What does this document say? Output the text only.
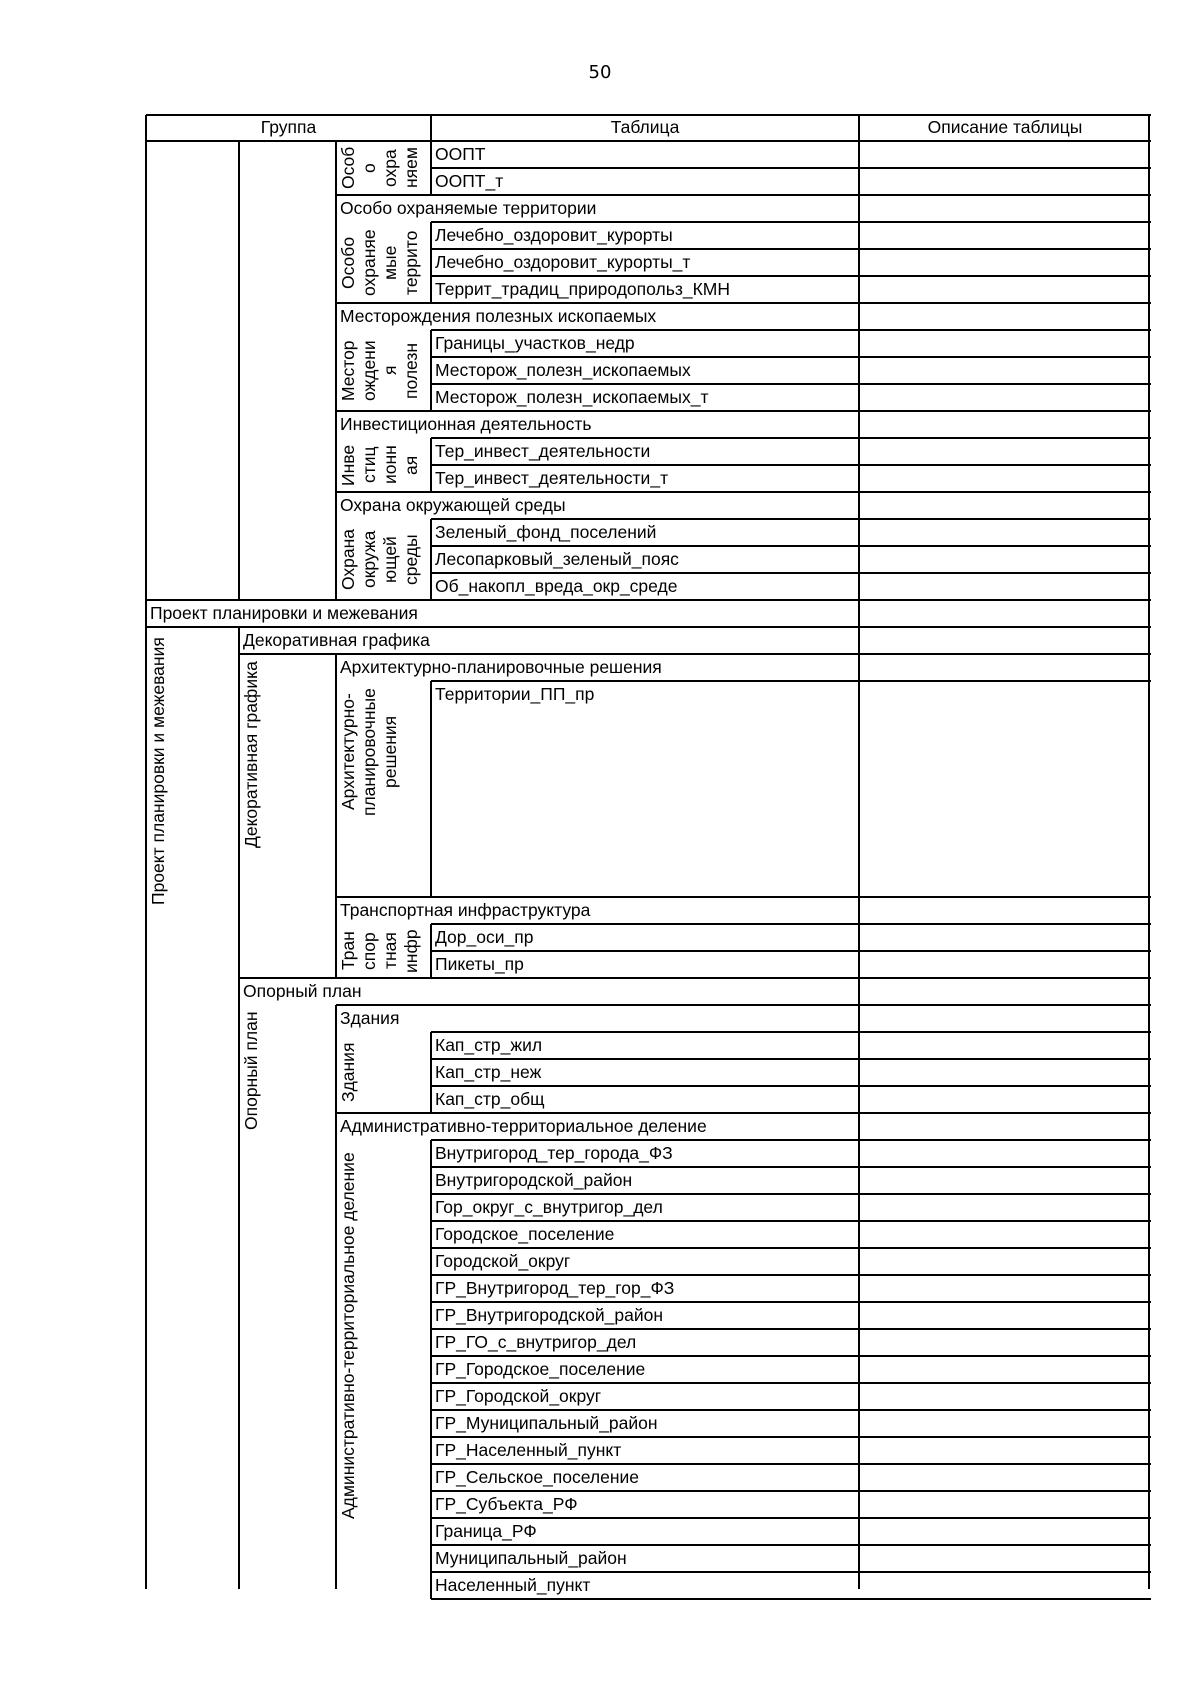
50
Группа	Таблица	Описание таблицы
ООПТ
ООПТ_т
Особ
о
охра
няем
Особо охраняемые территории
Лечебно_оздоровит_курорты
Лечебно_оздоровит_курорты_т
Террит_традиц_природопольз_КМН
Особо
охраняе
мые
террито
Месторождения полезных ископаемых
Границы_участков_недр
Месторож_полезн_ископаемых
Месторож_полезн_ископаемых_т
Местор
ождени
я
полезн
Инвестиционная деятельность
Тер_инвест_деятельности
Тер_инвест_деятельности_т
Инве
стиц
ионн
ая
Охрана окружающей среды
Зеленый_фонд_поселений
Лесопарковый_зеленый_пояс
Об_накопл_вреда_окр_среде
Охрана
окружа
ющей
среды
Проект планировки и межевания
Декоративная графика
Архитектурно-планировочные решения
Территории_ПП_пр
Архитектурно-
планировочные
решения
Транспортная инфраструктура
Дор_оси_пр
Пикеты_пр
Тран
спор
тная
инфр
Декоративная графика
Опорный план
Здания
Кап_стр_жил
Кап_стр_неж
Кап_стр_общ
Здания
Административно-территориальное деление
Внутригород_тер_города_ФЗ
Внутригородской_район
Гор_округ_с_внутригор_дел
Городское_поселение
Городской_округ
ГР_Внутригород_тер_гор_ФЗ
ГР_Внутригородской_район
ГР_ГО_с_внутригор_дел
ГР_Городское_поселение
ГР_Городской_округ
ГР_Муниципальный_район
ГР_Населенный_пункт
ГР_Сельское_поселение
ГР_Субъекта_РФ
Граница_РФ
Муниципальный_район
Населенный_пункт
Административно-территориальное деление
Опорный план
Проект планировки и межевания
